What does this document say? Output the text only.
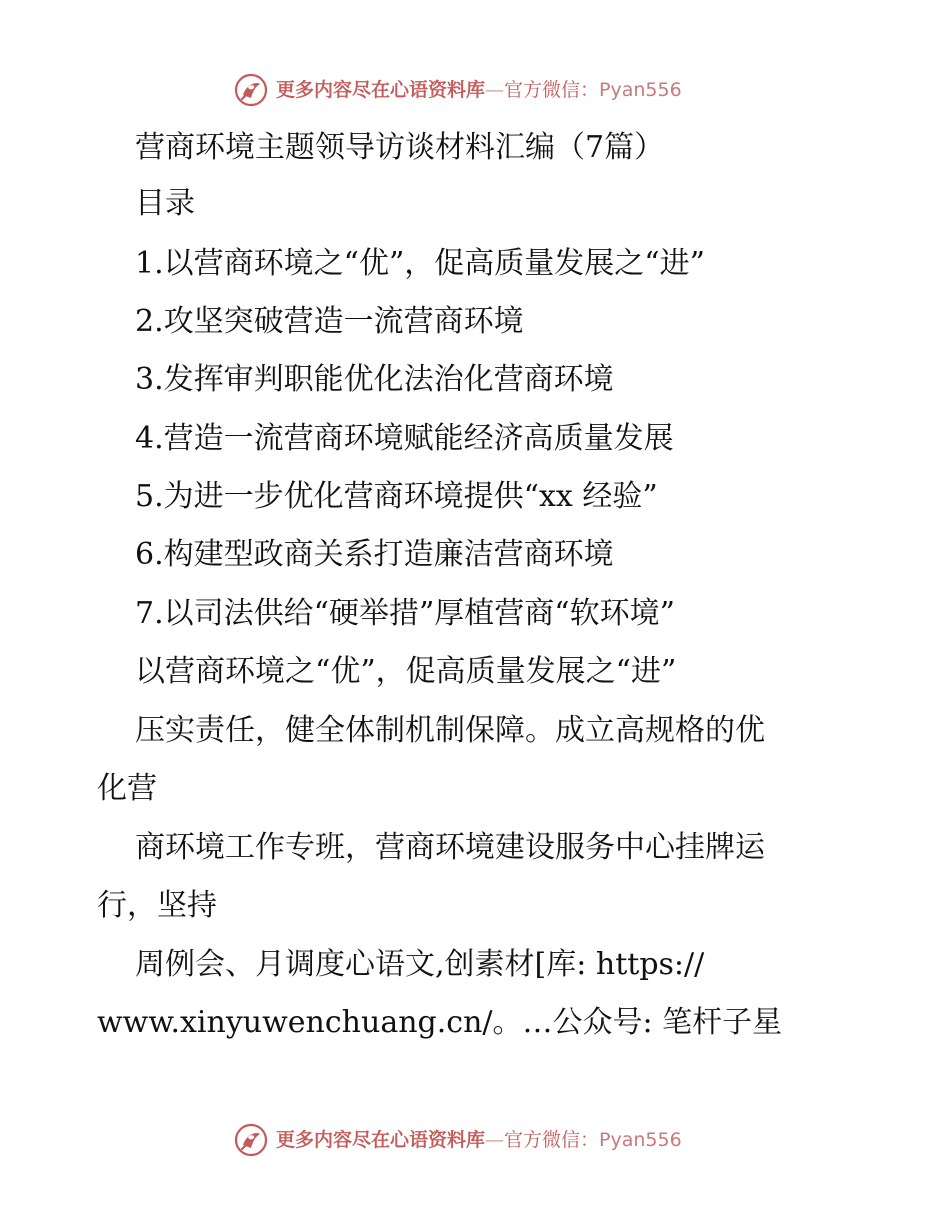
更多内容尽在心语资料库 — 官方微信： Pyan556
营商环境主题领导访谈材料汇编（7篇）
目录
1.以营商环境之“优”，促高质量发展之“进”
2.攻坚突破营造一流营商环境
3.发挥审判职能优化法治化营商环境
4.营造一流营商环境赋能经济高质量发展
5.为进一步优化营商环境提供“xx 经验”
6.构建型政商关系打造廉洁营商环境
7.以司法供给“硬举措”厚植营商“软环境”
以营商环境之“优”，促高质量发展之“进”
压实责任，健全体制机制保障。成立高规格的优
化营
商环境工作专班，营商环境建设服务中心挂牌运
行，坚持
周例会、月调度心语文,创素材[库: https://
www.xinyuwenchuang.cn/。…公众号: 笔杆子星
更多内容尽在心语资料库 — 官方微信： Pyan556
